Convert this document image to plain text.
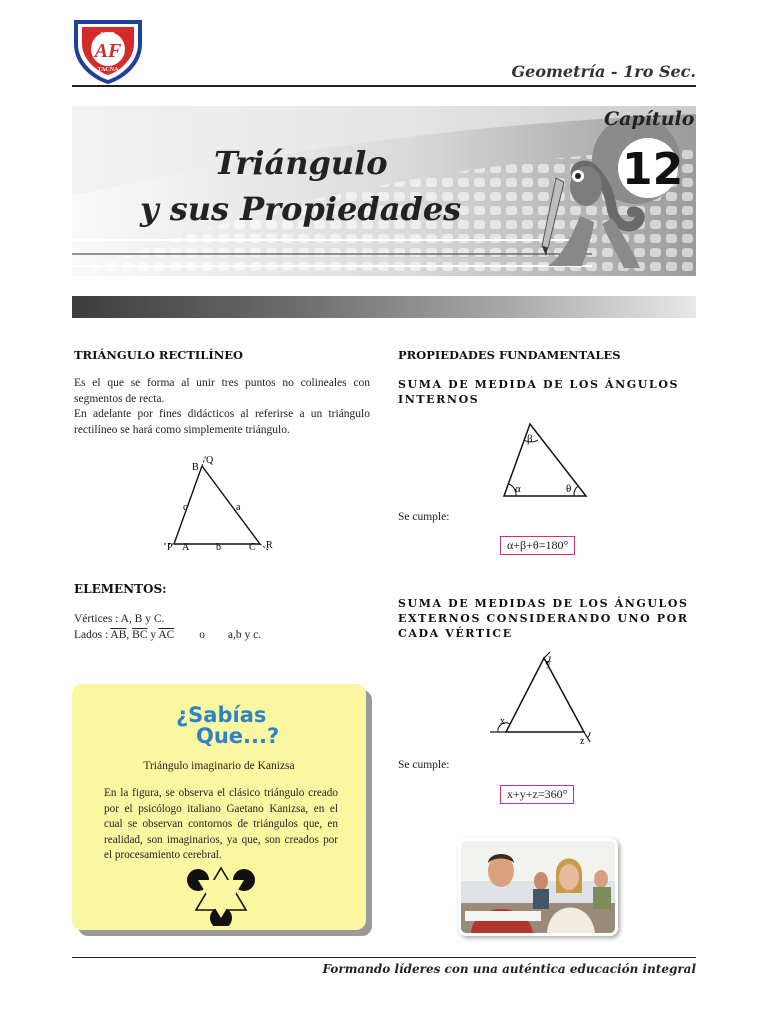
I.E.P.
AF
TACNA	Geometría - 1ro Sec.
Triángulo
y sus Propiedades
Capítulo
12
TRIÁNGULO RECTILÍNEO
Es el que se forma al unir tres puntos no colineales con segmentos de recta.
En adelante por fines didácticos al referirse a un triángulo rectilíneo se hará como simplemente triángulo.
B
Q
c	a
P A	b	C R
ELEMENTOS:
Vértices : A, B y C.
Lados : $\overline{AB}$, $\overline{BC}$ y $\overline{AC}$ o a,b y c.
¿Sabías
Que...?
Triángulo imaginario de Kanizsa
En la figura, se observa el clásico triángulo creado por el psicólogo italiano Gaetano Kanizsa, en el cual se observan contornos de triángulos que, en realidad, son imaginarios, ya que, son creados por el procesamiento cerebral.
PROPIEDADES FUNDAMENTALES
SUMA DE MEDIDA DE LOS ÁNGULOS INTERNOS
β
α	θ
Se cumple:
α+β+θ=180°
SUMA DE MEDIDAS DE LOS ÁNGULOS EXTERNOS CONSIDERANDO UNO POR CADA VÉRTICE
y
x
z
Se cumple:
x+y+z=360°
Formando líderes con una auténtica educación integral
